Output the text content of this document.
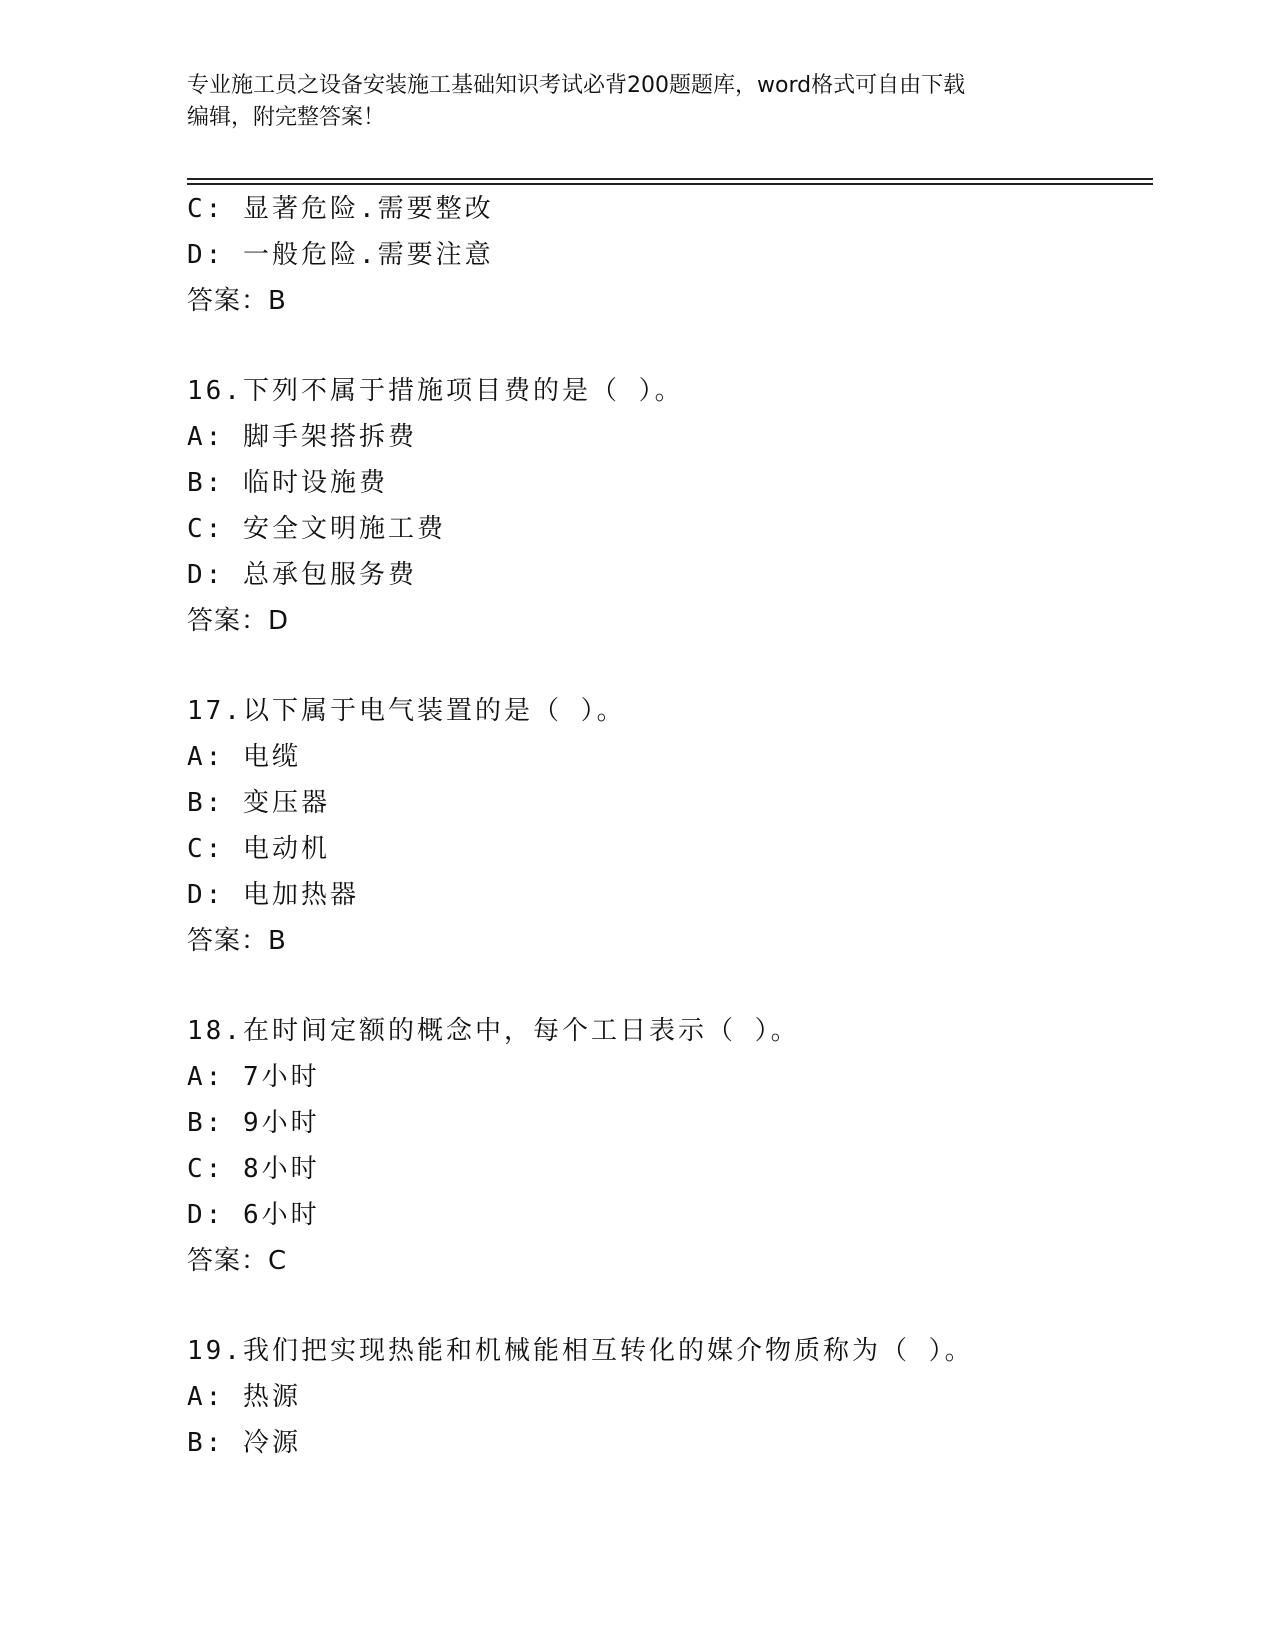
专业施工员之设备安装施工基础知识考试必背200题题库，word格式可自由下载
编辑，附完整答案！
C: 显著危险.需要整改
D: 一般危险.需要注意
答案：B
16.下列不属于措施项目费的是（ ）。
A: 脚手架搭拆费
B: 临时设施费
C: 安全文明施工费
D: 总承包服务费
答案：D
17.以下属于电气装置的是（ ）。
A: 电缆
B: 变压器
C: 电动机
D: 电加热器
答案：B
18.在时间定额的概念中，每个工日表示（ ）。
A: 7小时
B: 9小时
C: 8小时
D: 6小时
答案：C
19.我们把实现热能和机械能相互转化的媒介物质称为（ ）。
A: 热源
B: 冷源
